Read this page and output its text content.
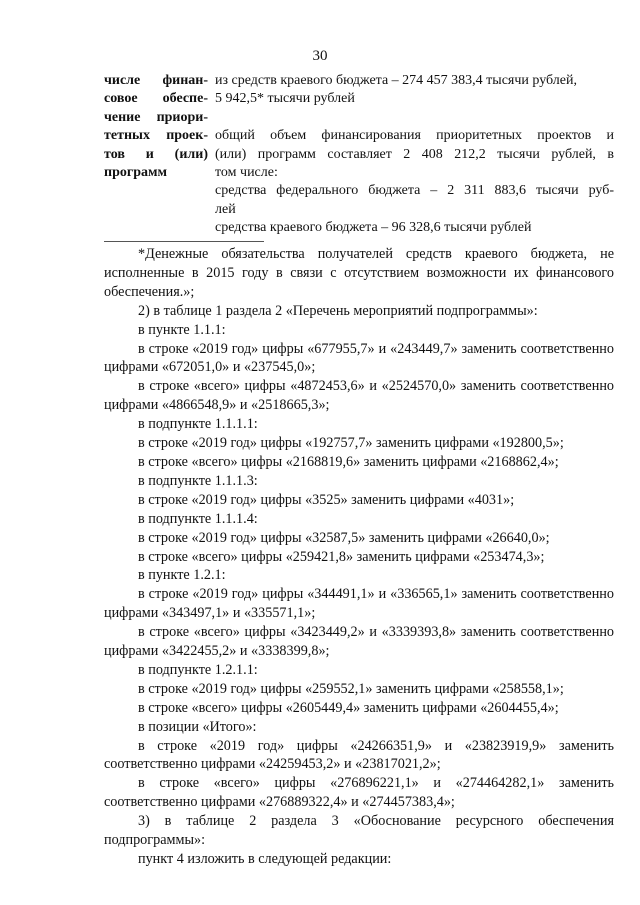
30
числе финан-
совое обеспе-
чение приори-
тетных проек-
тов и (или)
программ
из средств краевого бюджета – 274 457 383,4 тысячи рублей,
5 942,5* тысячи рублей

общий объем финансирования приоритетных проектов и
(или) программ составляет 2 408 212,2 тысячи рублей, в
том числе:
средства федерального бюджета – 2 311 883,6 тысячи руб-
лей
средства краевого бюджета – 96 328,6 тысячи рублей

*Денежные обязательства получателей средств краевого бюджета, не исполненные в 2015 году в связи с отсутствием возможности их финансового обеспечения.»;

2) в таблице 1 раздела 2 «Перечень мероприятий подпрограммы»:

в пункте 1.1.1:

в строке «2019 год» цифры «677955,7» и «243449,7» заменить соответственно цифрами «672051,0» и «237545,0»;

в строке «всего» цифры «4872453,6» и «2524570,0» заменить соответственно цифрами «4866548,9» и «2518665,3»;

в подпункте 1.1.1.1:

в строке «2019 год» цифры «192757,7» заменить цифрами «192800,5»;

в строке «всего» цифры «2168819,6» заменить цифрами «2168862,4»;

в подпункте 1.1.1.3:

в строке «2019 год» цифры «3525» заменить цифрами «4031»;

в подпункте 1.1.1.4:

в строке «2019 год» цифры «32587,5» заменить цифрами «26640,0»;

в строке «всего» цифры «259421,8» заменить цифрами «253474,3»;

в пункте 1.2.1:

в строке «2019 год» цифры «344491,1» и «336565,1» заменить соответственно цифрами «343497,1» и «335571,1»;

в строке «всего» цифры «3423449,2» и «3339393,8» заменить соответственно цифрами «3422455,2» и «3338399,8»;

в подпункте 1.2.1.1:

в строке «2019 год» цифры «259552,1» заменить цифрами «258558,1»;

в строке «всего» цифры «2605449,4» заменить цифрами «2604455,4»;

в позиции «Итого»:

в строке «2019 год» цифры «24266351,9» и «23823919,9» заменить соответственно цифрами «24259453,2» и «23817021,2»;

в строке «всего» цифры «276896221,1» и «274464282,1» заменить соответственно цифрами «276889322,4» и «274457383,4»;

3) в таблице 2 раздела 3 «Обоснование ресурсного обеспечения подпрограммы»:

пункт 4 изложить в следующей редакции:
